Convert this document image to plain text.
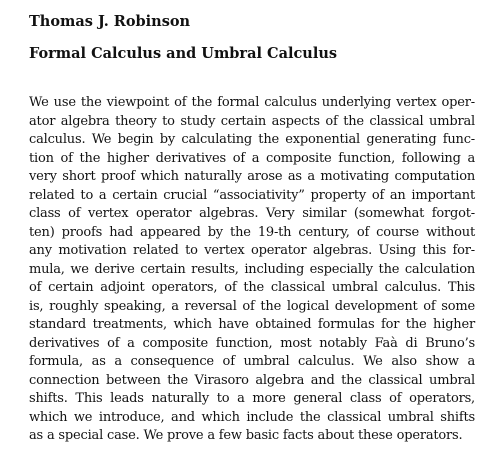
Thomas J. Robinson
Formal Calculus and Umbral Calculus
We use the viewpoint of the formal calculus underlying vertex oper-
ator algebra theory to study certain aspects of the classical umbral
calculus. We begin by calculating the exponential generating func-
tion of the higher derivatives of a composite function, following a
very short proof which naturally arose as a motivating computation
related to a certain crucial “associativity” property of an important
class of vertex operator algebras. Very similar (somewhat forgot-
ten) proofs had appeared by the 19-th century, of course without
any motivation related to vertex operator algebras. Using this for-
mula, we derive certain results, including especially the calculation
of certain adjoint operators, of the classical umbral calculus. This
is, roughly speaking, a reversal of the logical development of some
standard treatments, which have obtained formulas for the higher
derivatives of a composite function, most notably Faà di Bruno’s
formula, as a consequence of umbral calculus. We also show a
connection between the Virasoro algebra and the classical umbral
shifts. This leads naturally to a more general class of operators,
which we introduce, and which include the classical umbral shifts
as a special case. We prove a few basic facts about these operators.
